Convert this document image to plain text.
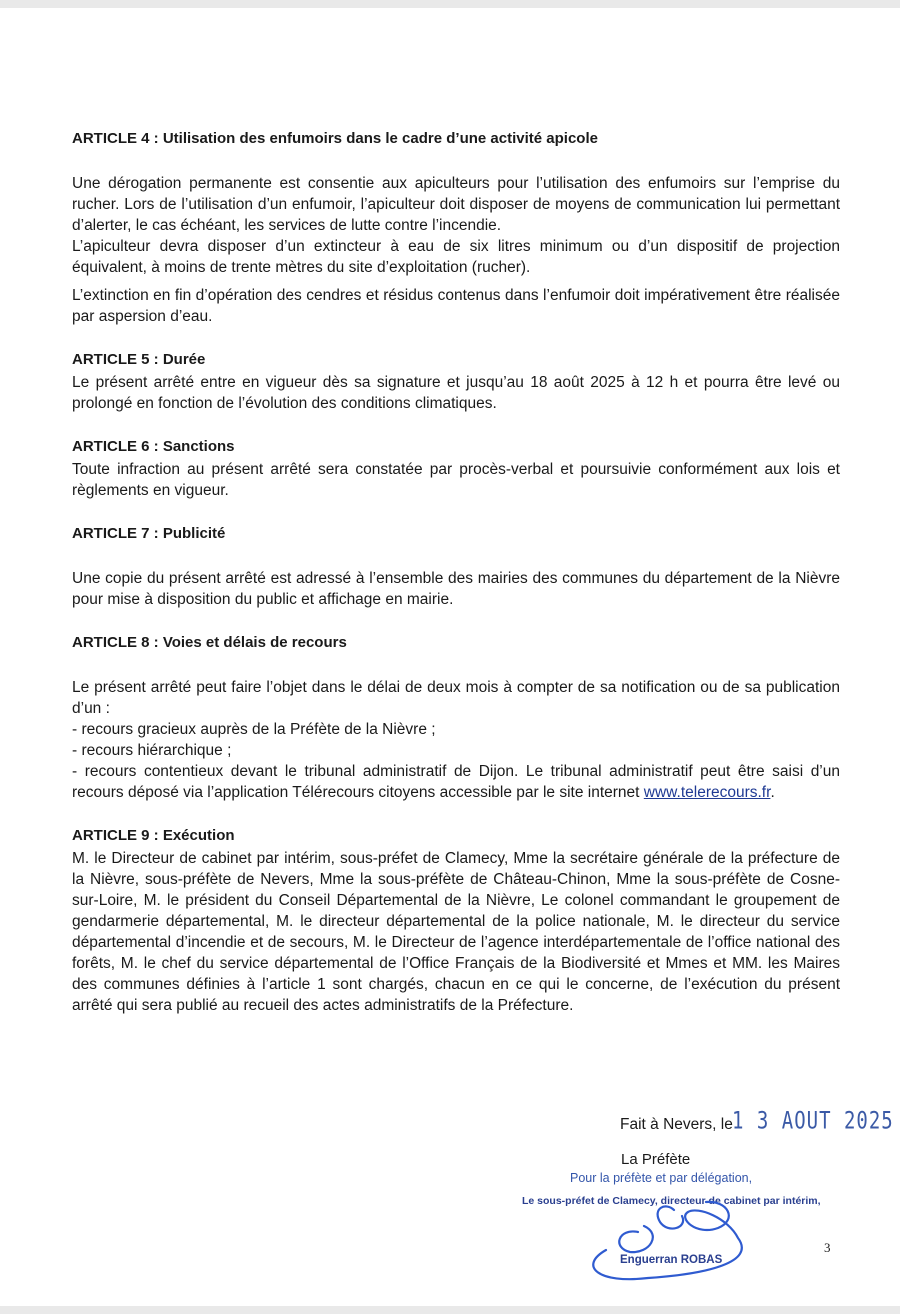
ARTICLE 4 : Utilisation des enfumoirs dans le cadre d’une activité apicole

Une dérogation permanente est consentie aux apiculteurs pour l’utilisation des enfumoirs sur l’emprise du rucher. Lors de l’utilisation d’un enfumoir, l’apiculteur doit disposer de moyens de communication lui permettant d’alerter, le cas échéant, les services de lutte contre l’incendie.

L’apiculteur devra disposer d’un extincteur à eau de six litres minimum ou d’un dispositif de projection équivalent, à moins de trente mètres du site d’exploitation (rucher).

L’extinction en fin d’opération des cendres et résidus contenus dans l’enfumoir doit impérativement être réalisée par aspersion d’eau.

ARTICLE 5 : Durée

Le présent arrêté entre en vigueur dès sa signature et jusqu’au 18 août 2025 à 12 h et pourra être levé ou prolongé en fonction de l’évolution des conditions climatiques.

ARTICLE 6 : Sanctions

Toute infraction au présent arrêté sera constatée par procès-verbal et poursuivie conformément aux lois et règlements en vigueur.

ARTICLE 7 : Publicité

Une copie du présent arrêté est adressé à l’ensemble des mairies des communes du département de la Nièvre pour mise à disposition du public et affichage en mairie.

ARTICLE 8 : Voies et délais de recours

Le présent arrêté peut faire l’objet dans le délai de deux mois à compter de sa notification ou de sa publication d’un :

- recours gracieux auprès de la Préfète de la Nièvre ;

- recours hiérarchique ;

- recours contentieux devant le tribunal administratif de Dijon. Le tribunal administratif peut être saisi d’un recours déposé via l’application Télérecours citoyens accessible par le site internet www.telerecours.fr.

ARTICLE 9 : Exécution

M. le Directeur de cabinet par intérim, sous-préfet de Clamecy, Mme la secrétaire générale de la préfecture de la Nièvre, sous-préfète de Nevers, Mme la sous-préfète de Château-Chinon, Mme la sous-préfète de Cosne-sur-Loire, M. le président du Conseil Départemental de la Nièvre, Le colonel commandant le groupement de gendarmerie départemental, M. le directeur départemental de la police nationale, M. le directeur du service départemental d’incendie et de secours, M. le Directeur de l’agence interdépartementale de l’office national des forêts, M. le chef du service départemental de l’Office Français de la Biodiversité et Mmes et MM. les Maires des communes définies à l’article 1 sont chargés, chacun en ce qui le concerne, de l’exécution du présent arrêté qui sera publié au recueil des actes administratifs de la Préfecture.

Fait à Nevers, le 1 3 AOUT 2025
La Préfète
Pour la préfète et par délégation,
Le sous-préfet de Clamecy, directeur de cabinet par intérim,
Enguerran ROBAS
3
